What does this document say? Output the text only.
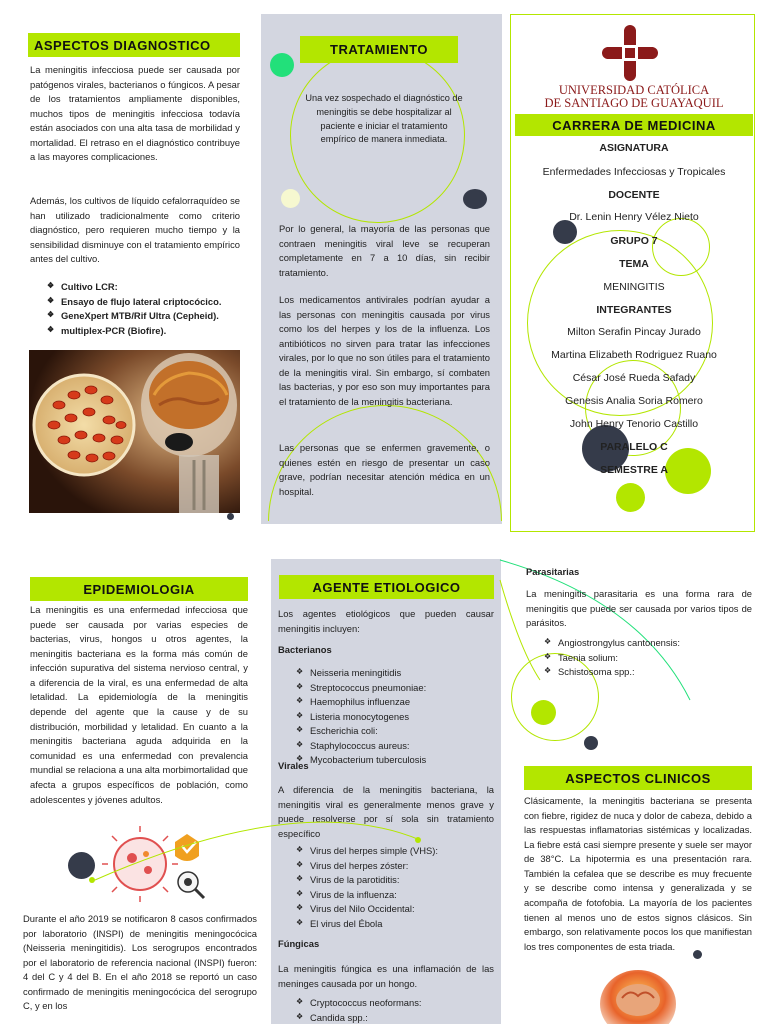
ASPECTOS DIAGNOSTICO

La meningitis infecciosa puede ser causada por patógenos virales, bacterianos o fúngicos. A pesar de los tratamientos ampliamente disponibles, muchos tipos de meningitis infecciosa todavía están asociados con una alta tasa de morbilidad y mortalidad. El retraso en el diagnóstico contribuye a las mayores complicaciones.

Además, los cultivos de líquido cefalorraquídeo se han utilizado tradicionalmente como criterio diagnóstico, pero requieren mucho tiempo y la sensibilidad disminuye con el tratamiento empírico antes del cultivo.

❖ Cultivo LCR:
❖ Ensayo de flujo lateral criptocócico.
❖ GeneXpert MTB/Rif Ultra (Cepheid).
❖ multiplex-PCR (Biofire).
TRATAMIENTO

Una vez sospechado el diagnóstico de meningitis se debe hospitalizar al paciente e iniciar el tratamiento empírico de manera inmediata.

Por lo general, la mayoría de las personas que contraen meningitis viral leve se recuperan completamente en 7 a 10 días, sin recibir tratamiento.

Los medicamentos antivirales podrían ayudar a las personas con meningitis causada por virus como los del herpes y los de la influenza. Los antibióticos no sirven para tratar las infecciones virales, por lo que no son útiles para el tratamiento de la meningitis viral. Sin embargo, sí combaten las bacterias, y por eso son muy importantes para el tratamiento de la meningitis bacteriana.

Las personas que se enfermen gravemente, o quienes estén en riesgo de presentar un caso grave, podrían necesitar atención médica en un hospital.

UNIVERSIDAD CATÓLICA
DE SANTIAGO DE GUAYAQUIL
CARRERA DE MEDICINA
ASIGNATURA
Enfermedades Infecciosas y Tropicales
DOCENTE
Dr. Lenin Henry Vélez Nieto
GRUPO 7
TEMA
MENINGITIS
INTEGRANTES
Milton Serafin Pincay Jurado
Martina Elizabeth Rodriguez Ruano
César José Rueda Safady
Genesis Analia Soria Romero
John Henry Tenorio Castillo
PARALELO C
SEMESTRE A
EPIDEMIOLOGIA

La meningitis es una enfermedad infecciosa que puede ser causada por varias especies de bacterias, virus, hongos u otros agentes, la meningitis bacteriana es la forma más común de infección supurativa del sistema nervioso central, y a diferencia de la viral, es una enfermedad de alta letalidad. La epidemiología de la meningitis depende del agente que la cause y de su distribución, morbilidad y letalidad. En cuanto a la meningitis bacteriana aguda adquirida en la comunidad es una enfermedad con prevalencia mundial se relaciona a una alta morbimortalidad que afecta a grupos específicos de población, como adolescentes y jóvenes adultos.

Durante el año 2019 se notificaron 8 casos confirmados por laboratorio (INSPI) de meningitis meningocócica (Neisseria meningitidis). Los serogrupos encontrados por el laboratorio de referencia nacional (INSPI) fueron: 4 del C y 4 del B. En el año 2018 se reportó un caso confirmado de meningitis meningocócica del serogrupo C, y en los

AGENTE ETIOLOGICO

Los agentes etiológicos que pueden causar meningitis incluyen:

Bacterianos
❖ Neisseria meningitidis
❖ Streptococcus pneumoniae:
❖ Haemophilus influenzae
❖ Listeria monocytogenes
❖ Escherichia coli:
❖ Staphylococcus aureus:
❖ Mycobacterium tuberculosis
Virales

A diferencia de la meningitis bacteriana, la meningitis viral es generalmente menos grave y puede resolverse por sí sola sin tratamiento específico

❖ Virus del herpes simple (VHS):
❖ Virus del herpes zóster:
❖ Virus de la parotiditis:
❖ Virus de la influenza:
❖ Virus del Nilo Occidental:
❖ El virus del Ébola
Fúngicas

La meningitis fúngica es una inflamación de las meninges causada por un hongo.

❖ Cryptococcus neoformans:
❖ Candida spp.:
Parasitarias

La meningitis parasitaria es una forma rara de meningitis que puede ser causada por varios tipos de parásitos.

❖ Angiostrongylus cantonensis:
❖ Taenia solium:
❖ Schistosoma spp.:
ASPECTOS CLINICOS

Clásicamente, la meningitis bacteriana se presenta con fiebre, rigidez de nuca y dolor de cabeza, debido a las respuestas inflamatorias sistémicas y localizadas. La fiebre está casi siempre presente y suele ser mayor de 38°C. La hipotermia es una presentación rara. También la cefalea que se describe es muy frecuente y se describe como intensa y generalizada y se acompaña de fotofobia. La mayoría de los pacientes tienen al menos uno de estos signos clásicos. Sin embargo, son relativamente pocos los que manifiestan los tres componentes de esta triada.
